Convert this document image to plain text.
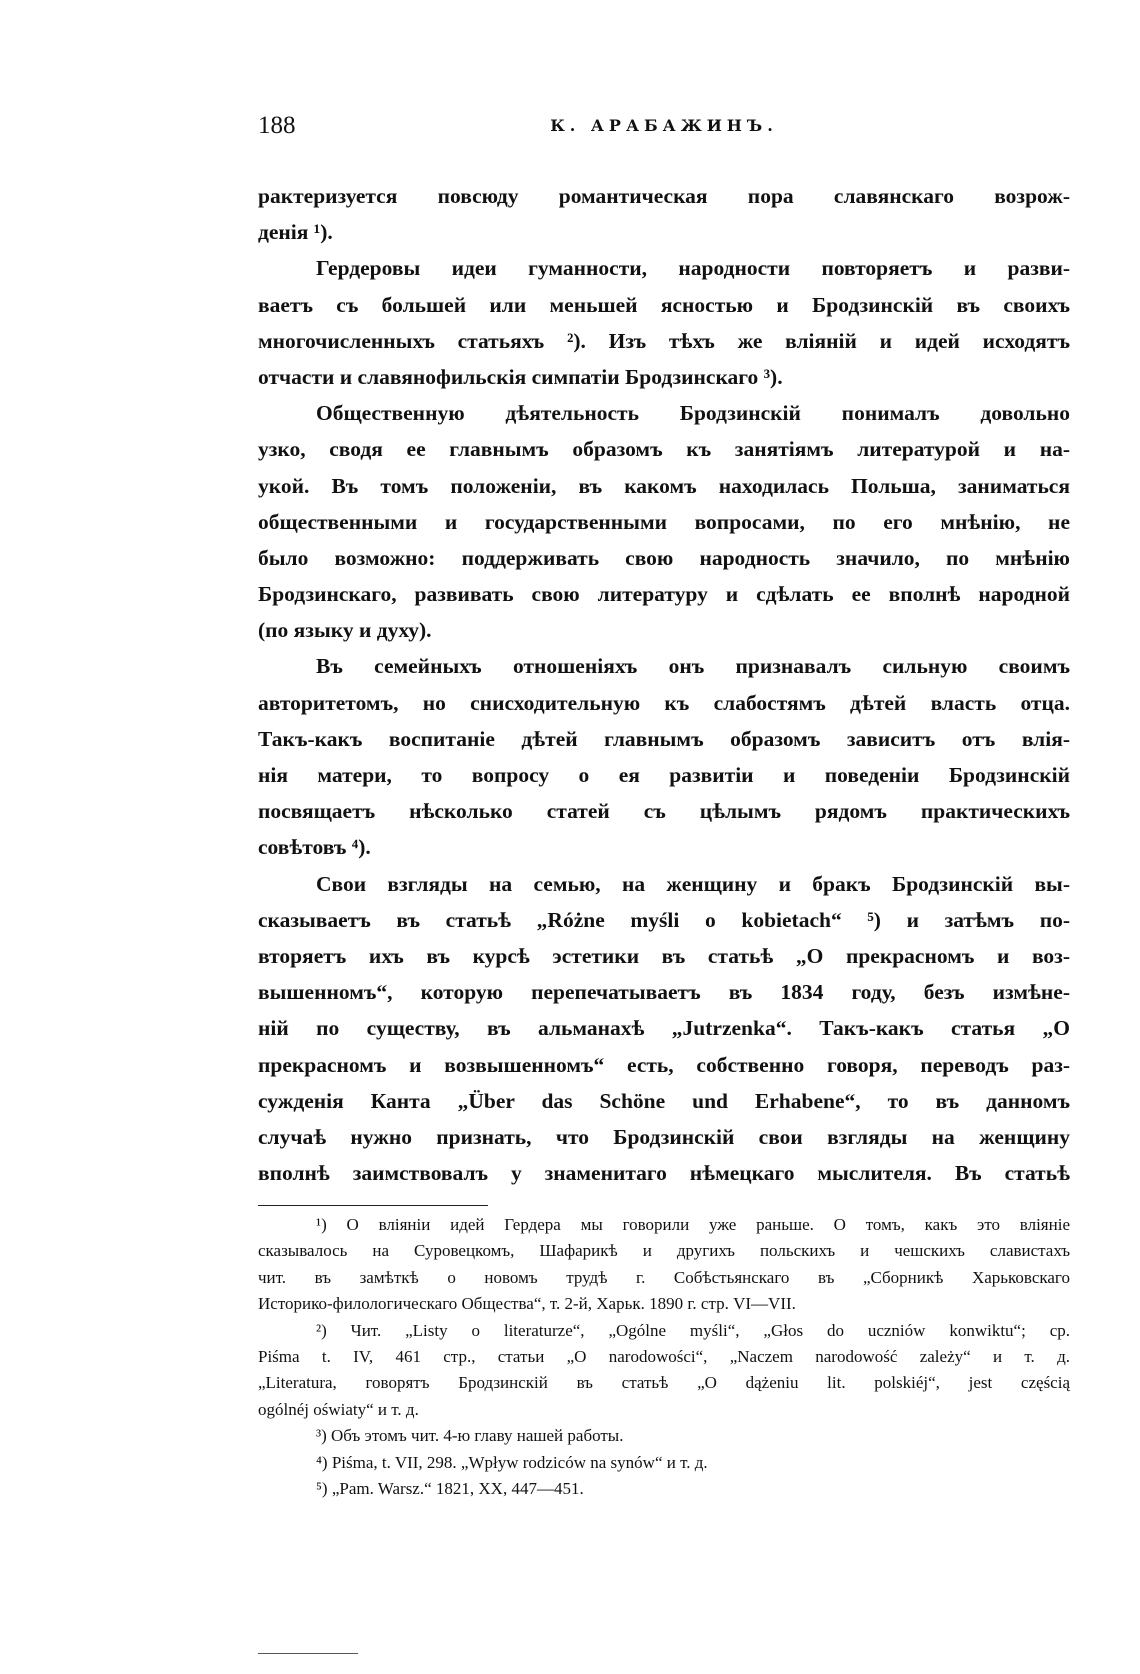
188	К. АРАБАЖИНЪ.
рактеризуется повсюду романтическая пора славянскаго возрож-
денія ¹).
Гердеровы идеи гуманности, народности повторяетъ и разви-
ваетъ съ большей или меньшей ясностью и Бродзинскій въ своихъ
многочисленныхъ статьяхъ ²). Изъ тѣхъ же вліяній и идей исходятъ
отчасти и славянофильскія симпатіи Бродзинскаго ³).
Общественную дѣятельность Бродзинскій понималъ довольно
узко, сводя ее главнымъ образомъ къ занятіямъ литературой и на-
укой. Въ томъ положеніи, въ какомъ находилась Польша, заниматься
общественными и государственными вопросами, по его мнѣнію, не
было возможно: поддерживать свою народность значило, по мнѣнію
Бродзинскаго, развивать свою литературу и сдѣлать ее вполнѣ народной
(по языку и духу).
Въ семейныхъ отношеніяхъ онъ признавалъ сильную своимъ
авторитетомъ, но снисходительную къ слабостямъ дѣтей власть отца.
Такъ-какъ воспитаніе дѣтей главнымъ образомъ зависитъ отъ влія-
нія матери, то вопросу о ея развитіи и поведеніи Бродзинскій
посвящаетъ нѣсколько статей съ цѣлымъ рядомъ практическихъ
совѣтовъ ⁴).
Свои взгляды на семью, на женщину и бракъ Бродзинскій вы-
сказываетъ въ статьѣ „Różne myśli o kobietach“ ⁵) и затѣмъ по-
вторяетъ ихъ въ курсѣ эстетики въ статьѣ „О прекрасномъ и воз-
вышенномъ“, которую перепечатываетъ въ 1834 году, безъ измѣне-
ній по существу, въ альманахѣ „Jutrzenka“. Такъ-какъ статья „О
прекрасномъ и возвышенномъ“ есть, собственно говоря, переводъ раз-
сужденія Канта „Über das Schöne und Erhabene“, то въ данномъ
случаѣ нужно признать, что Бродзинскій свои взгляды на женщину
вполнѣ заимствовалъ у знаменитаго нѣмецкаго мыслителя. Въ статьѣ
¹) О вліяніи идей Гердера мы говорили уже раньше. О томъ, какъ это вліяніе
сказывалось на Суровецкомъ, Шафарикѣ и другихъ польскихъ и чешскихъ славистахъ
чит. въ замѣткѣ о новомъ трудѣ г. Собѣстьянскаго въ „Сборникѣ Харьковскаго
Историко-филологическаго Общества“, т. 2-й, Харьк. 1890 г. стр. VI—VII.
²) Чит. „Listy o literaturze“, „Ogólne myśli“, „Głos do uczniów konwiktu“; ср.
Piśma t. IV, 461 стр., статьи „O narodowości“, „Naczem narodowość zależy“ и т. д.
„Literatura, говорятъ Бродзинскій въ статьѣ „O dążeniu lit. polskiéj“, jest częścią
ogólnéj oświaty“ и т. д.
³) Объ этомъ чит. 4-ю главу нашей работы.
⁴) Piśma, t. VII, 298. „Wpływ rodziców na synów“ и т. д.
⁵) „Pam. Warsz.“ 1821, XX, 447—451.
